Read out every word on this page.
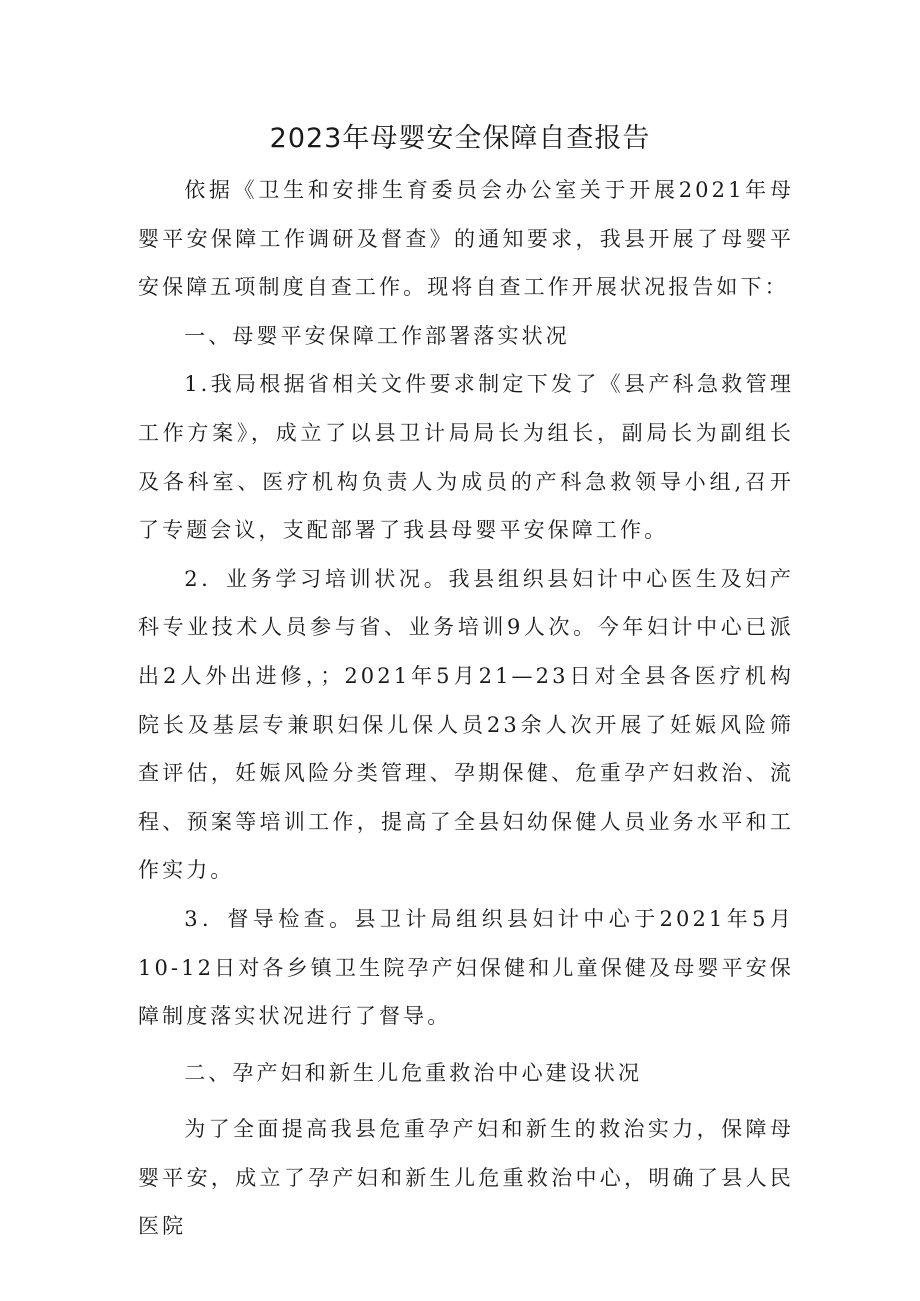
2023年母婴安全保障自查报告

依据《卫生和安排生育委员会办公室关于开展2021年母婴平安保障工作调研及督查》的通知要求，我县开展了母婴平安保障五项制度自查工作。现将自查工作开展状况报告如下：

一、母婴平安保障工作部署落实状况

1.我局根据省相关文件要求制定下发了《县产科急救管理工作方案》，成立了以县卫计局局长为组长，副局长为副组长及各科室、医疗机构负责人为成员的产科急救领导小组,召开了专题会议，支配部署了我县母婴平安保障工作。

2．业务学习培训状况。我县组织县妇计中心医生及妇产科专业技术人员参与省、业务培训9人次。今年妇计中心已派出2人外出进修，；2021年5月21—23日对全县各医疗机构院长及基层专兼职妇保儿保人员23余人次开展了妊娠风险筛查评估，妊娠风险分类管理、孕期保健、危重孕产妇救治、流程、预案等培训工作，提高了全县妇幼保健人员业务水平和工作实力。

3．督导检查。县卫计局组织县妇计中心于2021年5月10-12日对各乡镇卫生院孕产妇保健和儿童保健及母婴平安保障制度落实状况进行了督导。

二、孕产妇和新生儿危重救治中心建设状况

为了全面提高我县危重孕产妇和新生的救治实力，保障母婴平安，成立了孕产妇和新生儿危重救治中心，明确了县人民医院
